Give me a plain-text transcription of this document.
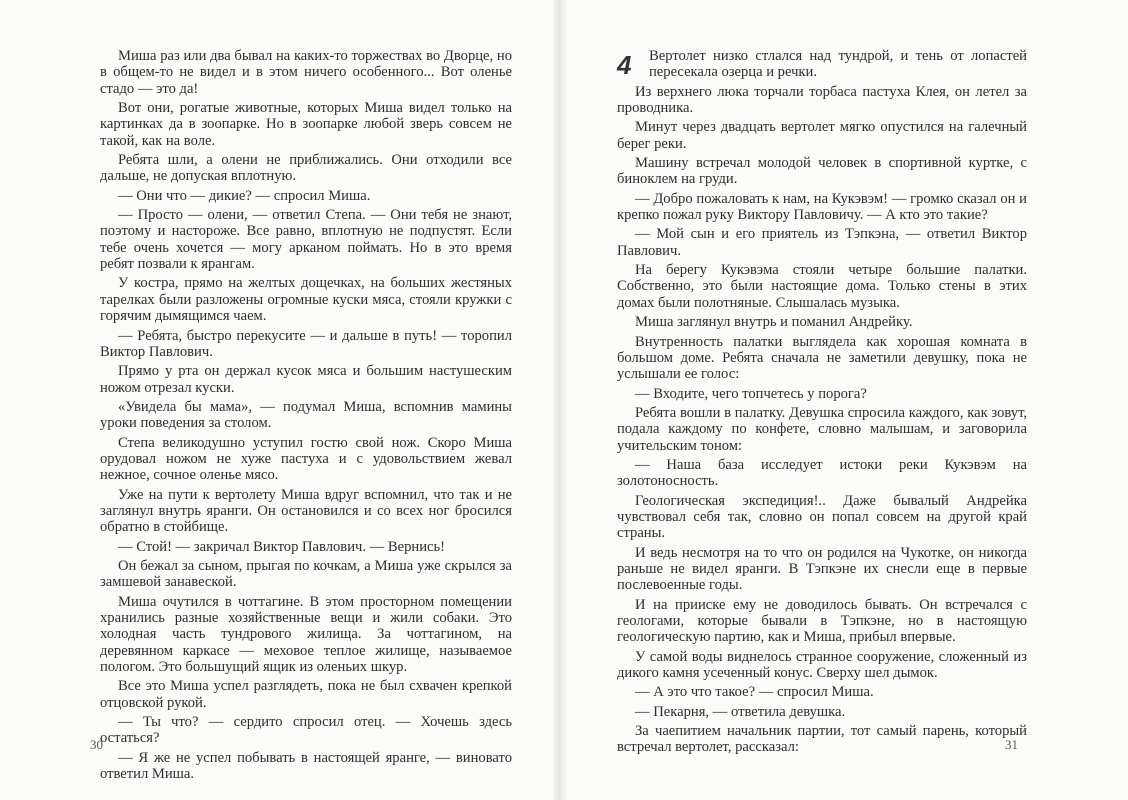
Миша раз или два бывал на каких-то торжествах во Дворце, но в общем-то не видел и в этом ничего особенного... Вот оленье стадо — это да!

Вот они, рогатые животные, которых Миша видел только на картинках да в зоопарке. Но в зоопарке любой зверь совсем не такой, как на воле.

Ребята шли, а олени не приближались. Они отходили все дальше, не допуская вплотную.

— Они что — дикие? — спросил Миша.

— Просто — олени, — ответил Степа. — Они тебя не знают, поэтому и настороже. Все равно, вплотную не подпустят. Если тебе очень хочется — могу арканом поймать. Но в это время ребят позвали к ярангам.

У костра, прямо на желтых дощечках, на больших жестяных тарелках были разложены огромные куски мяса, стояли кружки с горячим дымящимся чаем.

— Ребята, быстро перекусите — и дальше в путь! — торопил Виктор Павлович.

Прямо у рта он держал кусок мяса и большим настушеским ножом отрезал куски.

«Увидела бы мама», — подумал Миша, вспомнив мамины уроки поведения за столом.

Степа великодушно уступил гостю свой нож. Скоро Миша орудовал ножом не хуже пастуха и с удовольствием жевал нежное, сочное оленье мясо.

Уже на пути к вертолету Миша вдруг вспомнил, что так и не заглянул внутрь яранги. Он остановился и со всех ног бросился обратно в стойбище.

— Стой! — закричал Виктор Павлович. — Вернись!

Он бежал за сыном, прыгая по кочкам, а Миша уже скрылся за замшевой занавеской.

Миша очутился в чоттагине. В этом просторном помещении хранились разные хозяйственные вещи и жили собаки. Это холодная часть тундрового жилища. За чоттагином, на деревянном каркасе — меховое теплое жилище, называемое пологом. Это большущий ящик из оленьих шкур.

Все это Миша успел разглядеть, пока не был схвачен крепкой отцовской рукой.

— Ты что? — сердито спросил отец. — Хочешь здесь остаться?

— Я же не успел побывать в настоящей яранге, — виновато ответил Миша.

4	Вертолет низко стлался над тундрой, и тень от лопастей пересекала озерца и речки.

Из верхнего люка торчали торбаса пастуха Клея, он летел за проводника.

Минут через двадцать вертолет мягко опустился на галечный берег реки.

Машину встречал молодой человек в спортивной куртке, с биноклем на груди.

— Добро пожаловать к нам, на Кукэвэм! — громко сказал он и крепко пожал руку Виктору Павловичу. — А кто это такие?

— Мой сын и его приятель из Тэпкэна, — ответил Виктор Павлович.

На берегу Кукэвэма стояли четыре большие палатки. Собственно, это были настоящие дома. Только стены в этих домах были полотняные. Слышалась музыка.

Миша заглянул внутрь и поманил Андрейку.

Внутренность палатки выглядела как хорошая комната в большом доме. Ребята сначала не заметили девушку, пока не услышали ее голос:

— Входите, чего топчетесь у порога?

Ребята вошли в палатку. Девушка спросила каждого, как зовут, подала каждому по конфете, словно малышам, и заговорила учительским тоном:

— Наша база исследует истоки реки Кукэвэм на золотоносность.

Геологическая экспедиция!.. Даже бывалый Андрейка чувствовал себя так, словно он попал совсем на другой край страны.

И ведь несмотря на то что он родился на Чукотке, он никогда раньше не видел яранги. В Тэпкэне их снесли еще в первые послевоенные годы.

И на прииске ему не доводилось бывать. Он встречался с геологами, которые бывали в Тэпкэне, но в настоящую геологическую партию, как и Миша, прибыл впервые.

У самой воды виднелось странное сооружение, сложенный из дикого камня усеченный конус. Сверху шел дымок.

— А это что такое? — спросил Миша.

— Пекарня, — ответила девушка.

За чаепитием начальник партии, тот самый парень, который встречал вертолет, рассказал:

30	31
